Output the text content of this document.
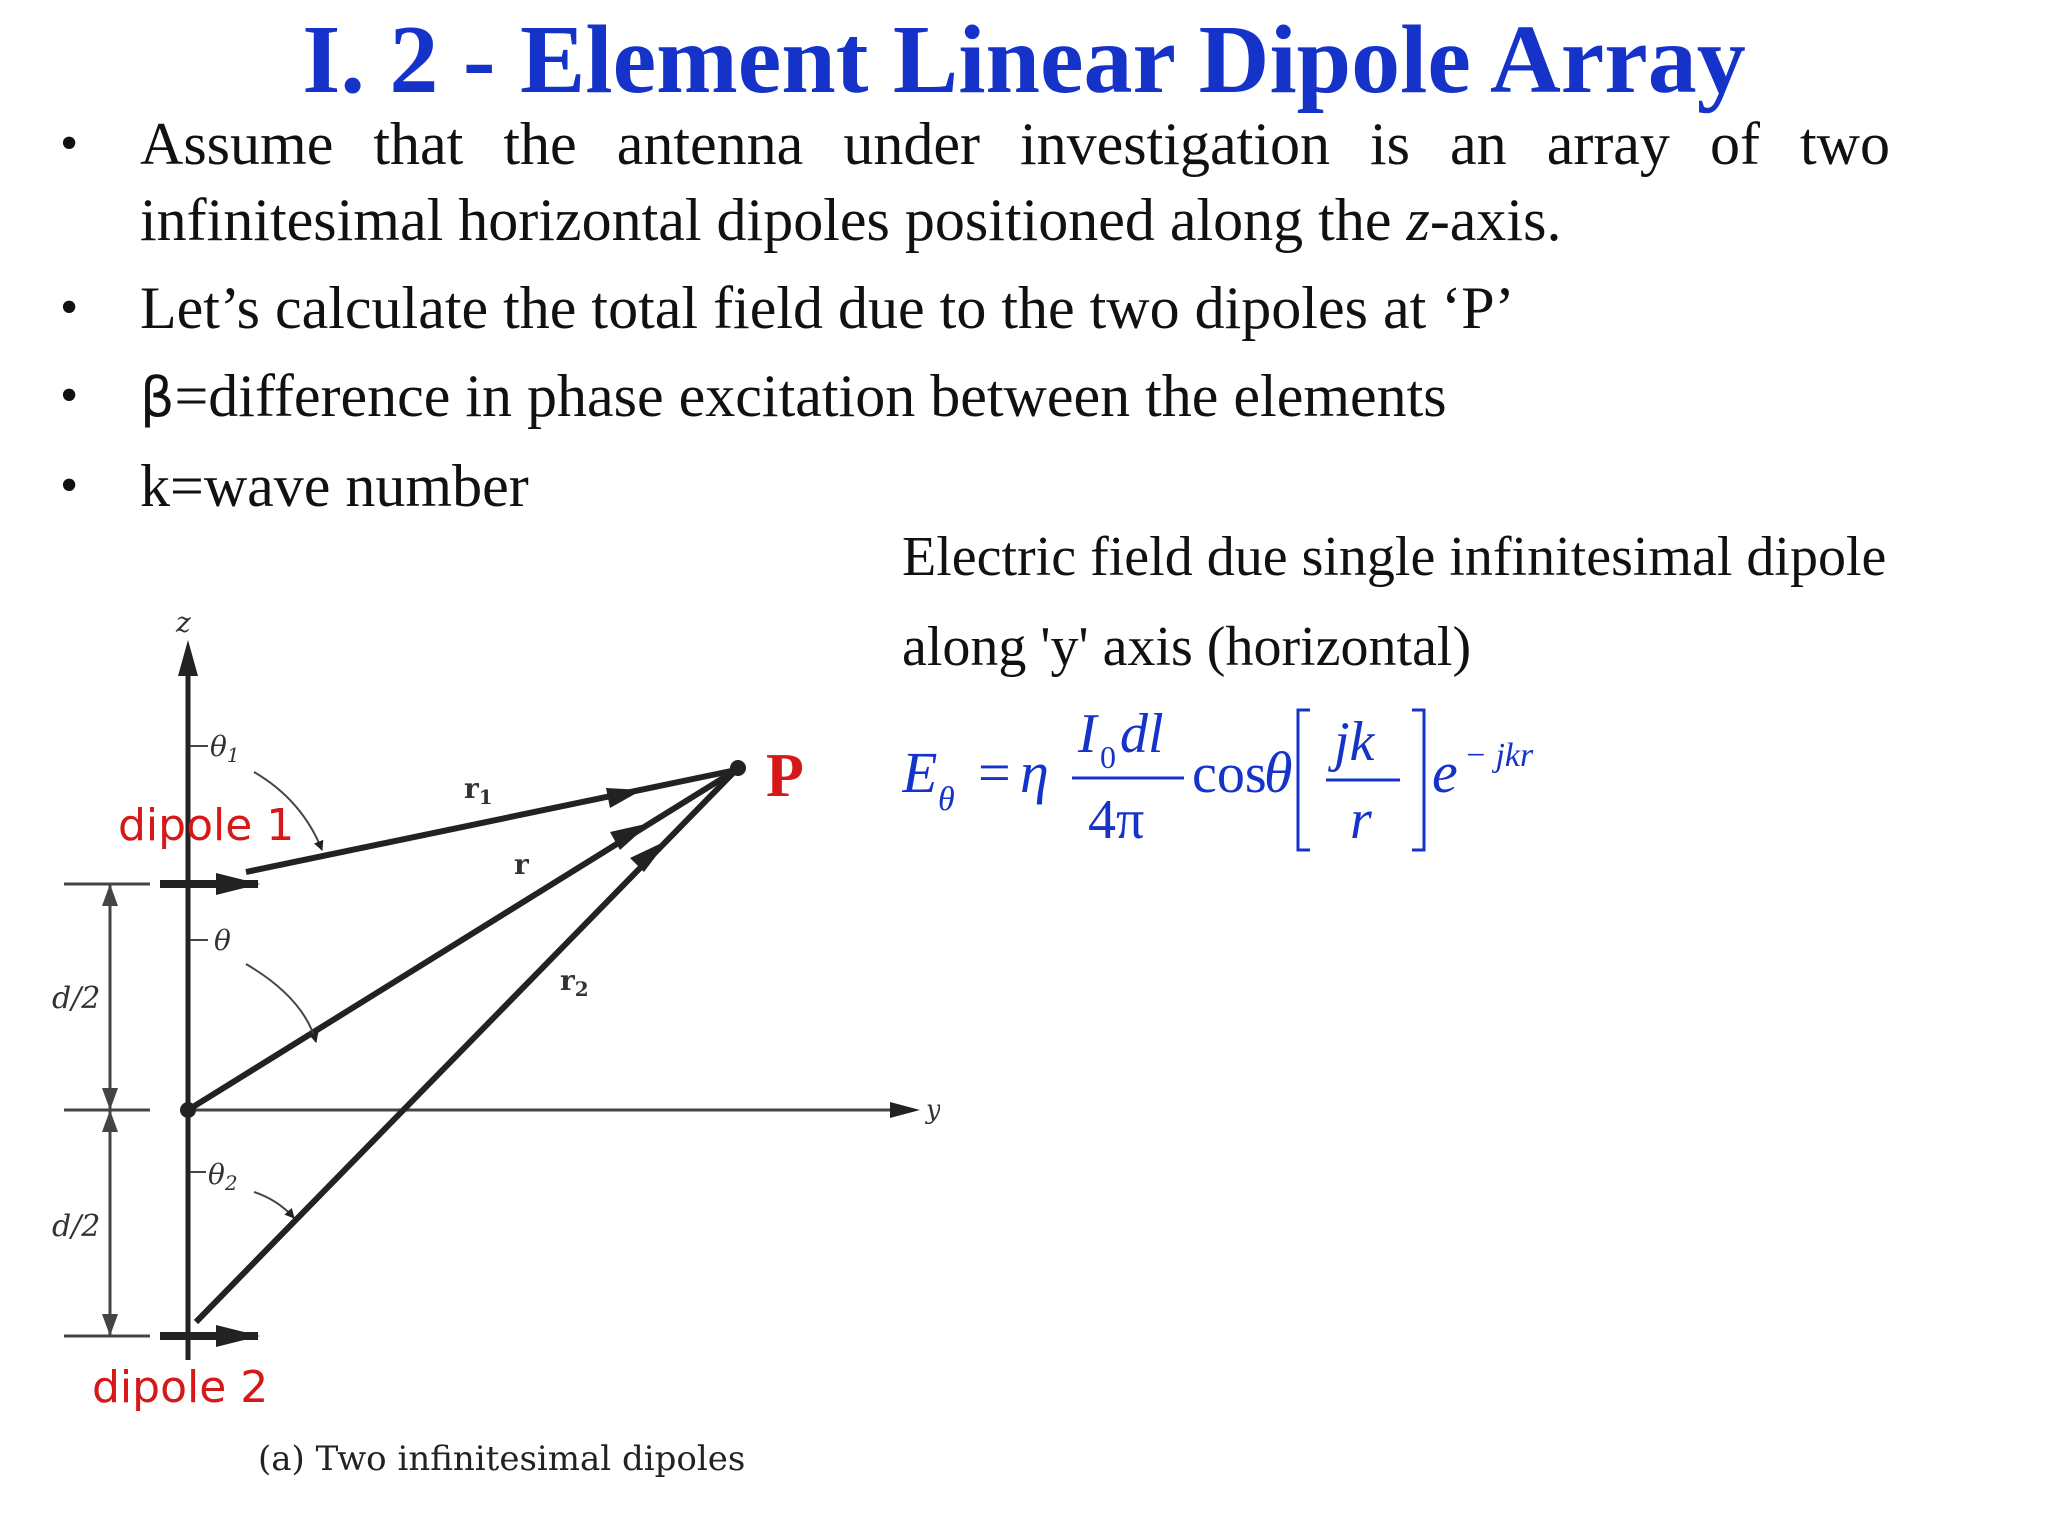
I. 2 - Element Linear Dipole Array
• Assume that the antenna under investigation is an array of two infinitesimal horizontal dipoles positioned along the z-axis.
• Let’s calculate the total field due to the two dipoles at ‘P’
• β=difference in phase excitation between the elements
• k=wave number
Electric field due single infinitesimal dipole
along 'y' axis (horizontal)
E θ = η
I 0 dl
4π
cos
θ jk
r
e − jkr
z
y
d/2
d/2
P
$r_1$
r
$r_2$
$\theta_1$
θ
$\theta_2$
dipole 1
dipole 2
(a) Two infinitesimal dipoles
